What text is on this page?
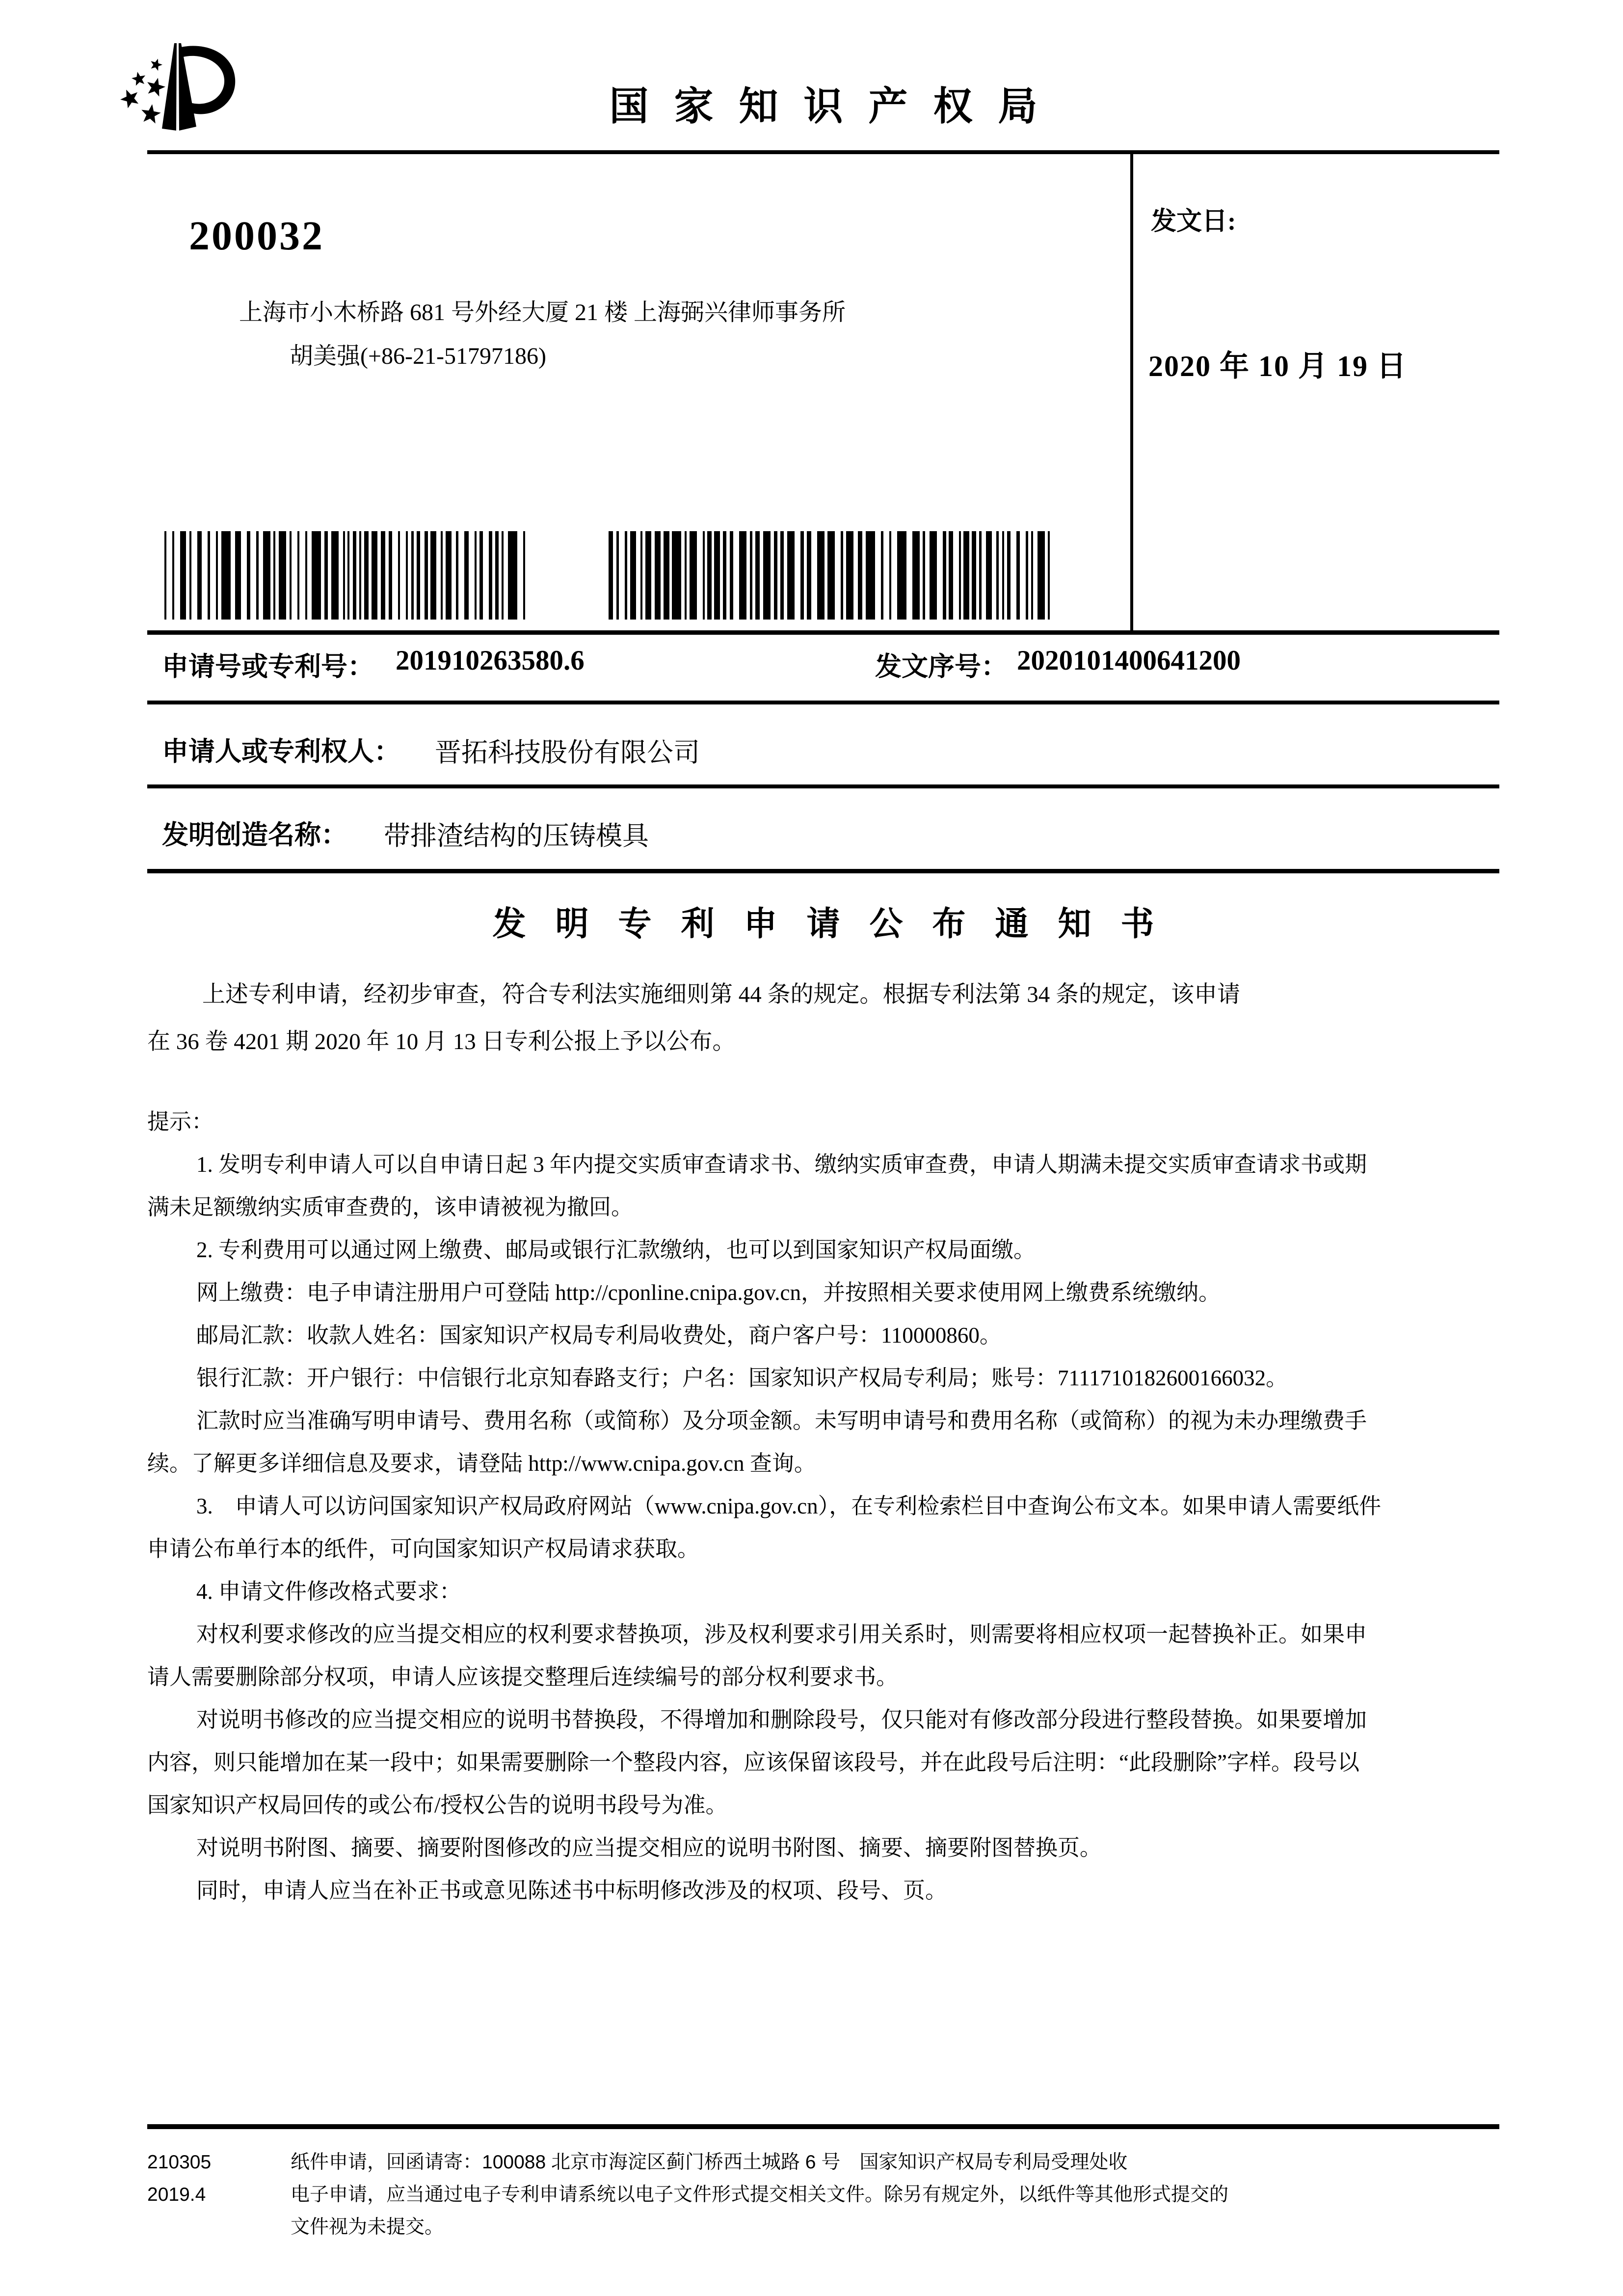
国家知识产权局
发文日:
2020 年 10 月 19 日
200032
上海市小木桥路 681 号外经大厦 21 楼 上海弼兴律师事务所
胡美强(+86-21-51797186)
申请号或专利号： 201910263580.6	发文序号： 2020101400641200
申请人或专利权人： 晋拓科技股份有限公司
发明创造名称： 带排渣结构的压铸模具
发明专利申请公布通知书
上述专利申请，经初步审查，符合专利法实施细则第 44 条的规定。根据专利法第 34 条的规定，该申请
在 36 卷 4201 期 2020 年 10 月 13 日专利公报上予以公布。
提示：
1. 发明专利申请人可以自申请日起 3 年内提交实质审查请求书、缴纳实质审查费，申请人期满未提交实质审查请求书或期
满未足额缴纳实质审查费的，该申请被视为撤回。
2. 专利费用可以通过网上缴费、邮局或银行汇款缴纳，也可以到国家知识产权局面缴。
网上缴费：电子申请注册用户可登陆 http://cponline.cnipa.gov.cn，并按照相关要求使用网上缴费系统缴纳。
邮局汇款：收款人姓名：国家知识产权局专利局收费处，商户客户号：110000860。
银行汇款：开户银行：中信银行北京知春路支行；户名：国家知识产权局专利局；账号：7111710182600166032。
汇款时应当准确写明申请号、费用名称（或简称）及分项金额。未写明申请号和费用名称（或简称）的视为未办理缴费手
续。了解更多详细信息及要求，请登陆 http://www.cnipa.gov.cn 查询。
3.　申请人可以访问国家知识产权局政府网站（www.cnipa.gov.cn），在专利检索栏目中查询公布文本。如果申请人需要纸件
申请公布单行本的纸件，可向国家知识产权局请求获取。
4. 申请文件修改格式要求：
对权利要求修改的应当提交相应的权利要求替换项，涉及权利要求引用关系时，则需要将相应权项一起替换补正。如果申
请人需要删除部分权项，申请人应该提交整理后连续编号的部分权利要求书。
对说明书修改的应当提交相应的说明书替换段，不得增加和删除段号，仅只能对有修改部分段进行整段替换。如果要增加
内容，则只能增加在某一段中；如果需要删除一个整段内容，应该保留该段号，并在此段号后注明：“此段删除”字样。段号以
国家知识产权局回传的或公布/授权公告的说明书段号为准。
对说明书附图、摘要、摘要附图修改的应当提交相应的说明书附图、摘要、摘要附图替换页。
同时，申请人应当在补正书或意见陈述书中标明修改涉及的权项、段号、页。
210305
2019.4
纸件申请，回函请寄：100088 北京市海淀区蓟门桥西土城路 6 号　国家知识产权局专利局受理处收
电子申请，应当通过电子专利申请系统以电子文件形式提交相关文件。除另有规定外，以纸件等其他形式提交的
文件视为未提交。
